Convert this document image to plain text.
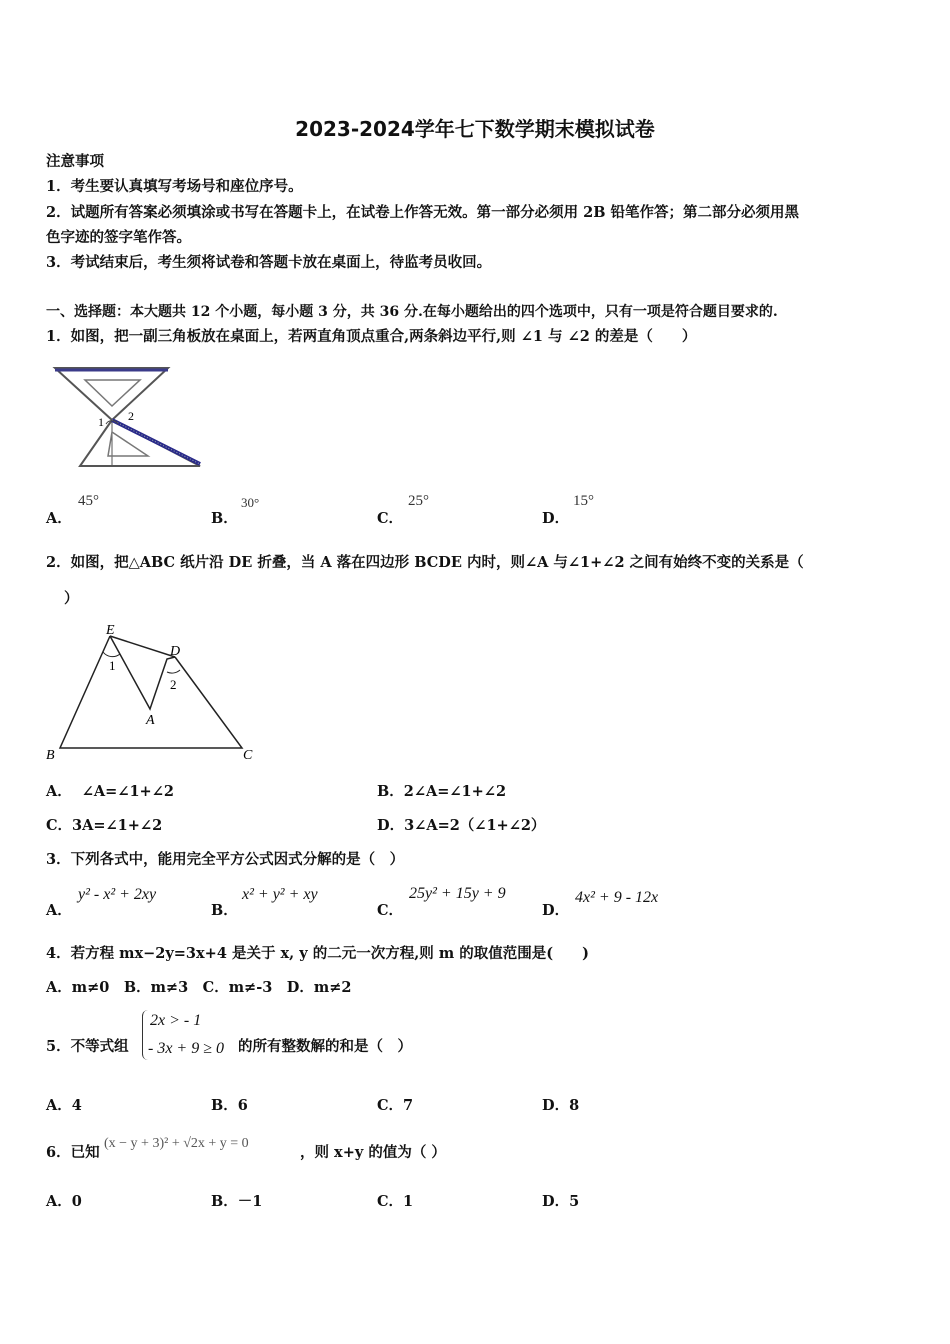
2023-2024学年七下数学期末模拟试卷
注意事项
1．考生要认真填写考场号和座位序号。
2．试题所有答案必须填涂或书写在答题卡上，在试卷上作答无效。第一部分必须用 2B 铅笔作答；第二部分必须用黑
色字迹的签字笔作答。
3．考试结束后，考生须将试卷和答题卡放在桌面上，待监考员收回。
一、选择题：本大题共 12 个小题，每小题 3 分，共 36 分.在每小题给出的四个选项中，只有一项是符合题目要求的.
1．如图，把一副三角板放在桌面上，若两直角顶点重合,两条斜边平行,则 ∠1 与 ∠2 的差是（　　）
1 2
A．
45°
B．
30°
C．
25°
D．
15°
2．如图，把△ABC 纸片沿 DE 折叠，当 A 落在四边形 BCDE 内时，则∠A 与∠1+∠2 之间有始终不变的关系是（
）
E
D
A
B	C
1
2
A． ∠A=∠1+∠2	B．2∠A=∠1+∠2
C．3A=∠1+∠2	D．3∠A=2（∠1+∠2）
3．下列各式中，能用完全平方公式因式分解的是（　）
A．
y² - x² + 2xy
B．
x² + y² + xy
C．
25y² + 15y + 9
D．
4x² + 9 - 12x
4．若方程 mx−2y=3x+4 是关于 x, y 的二元一次方程,则 m 的取值范围是(　　)
A．m≠0　B．m≠3　C．m≠-3　D．m≠2
5．不等式组
2x > - 1
- 3x + 9 ≥ 0 的所有整数解的和是（　）
A．4	B．6	C．7	D．8
6．已知
(x − y + 3)² + √2x + y = 0
，则 x+y 的值为（ ）
A．0	B．－1	C．1	D．5
